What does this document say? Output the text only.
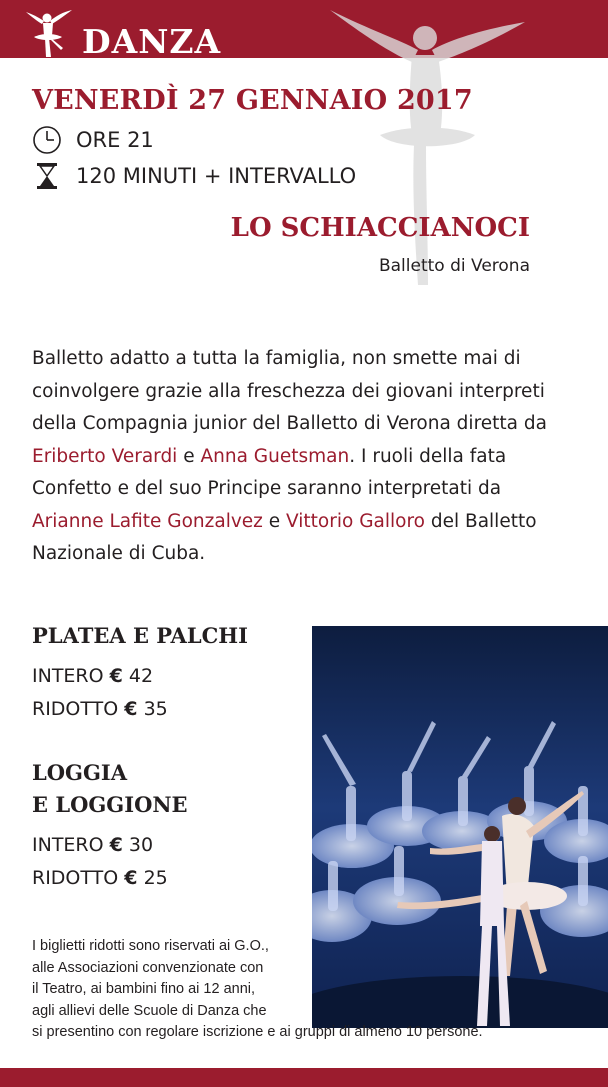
DANZA
VENERDÌ 27 GENNAIO 2017
ORE 21
120 MINUTI + INTERVALLO
LO SCHIACCIANOCI

Balletto di Verona

Balletto adatto a tutta la famiglia, non smette mai di coinvolgere grazie alla freschezza dei giovani interpreti della Compagnia junior del Balletto di Verona diretta da Eriberto Verardi e Anna Guetsman. I ruoli della fata Confetto e del suo Principe saranno interpretati da Arianne Lafite Gonzalvez e Vittorio Galloro del Balletto Nazionale di Cuba.

PLATEA E PALCHI

INTERO € 42

RIDOTTO € 35

LOGGIA
E LOGGIONE

INTERO € 30

RIDOTTO € 25

I biglietti ridotti sono riservati ai G.O.,
alle Associazioni convenzionate con
il Teatro, ai bambini fino ai 12 anni,
agli allievi delle Scuole di Danza che
si presentino con regolare iscrizione e ai gruppi di almeno 10 persone.
